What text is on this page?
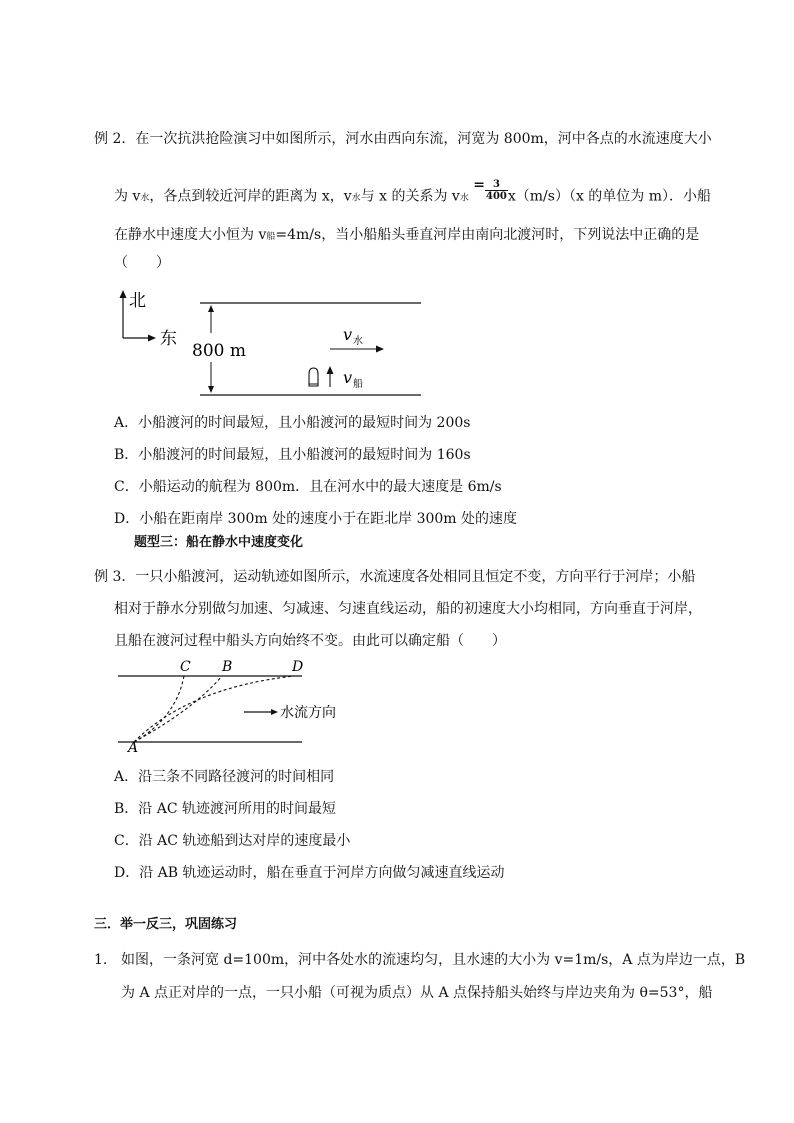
例 2．在一次抗洪抢险演习中如图所示，河水由西向东流，河宽为 800m，河中各点的水流速度大小
为 v水，各点到较近河岸的距离为 x，v水与 x 的关系为 v水 = $\frac{3}{400} x(m/s)(x$ 的单位为 m）．小船
在静水中速度大小恒为 v船=4m/s，当小船船头垂直河岸由南向北渡河时，下列说法中正确的是
（　　）
北
东
800 m
v 水
v 船
A．小船渡河的时间最短，且小船渡河的最短时间为 200s
B．小船渡河的时间最短，且小船渡河的最短时间为 160s
C．小船运动的航程为 800m．且在河水中的最大速度是 6m/s
D．小船在距南岸 300m 处的速度小于在距北岸 300m 处的速度
题型三：船在静水中速度变化
例 3．一只小船渡河，运动轨迹如图所示，水流速度各处相同且恒定不变，方向平行于河岸；小船
相对于静水分别做匀加速、匀减速、匀速直线运动，船的初速度大小均相同，方向垂直于河岸，
且船在渡河过程中船头方向始终不变。由此可以确定船（　　）
C B	D
A
水流方向
A．沿三条不同路径渡河的时间相同
B．沿 AC 轨迹渡河所用的时间最短
C．沿 AC 轨迹船到达对岸的速度最小
D．沿 AB 轨迹运动时，船在垂直于河岸方向做匀减速直线运动
三．举一反三，巩固练习
1. 如图，一条河宽 d=100m，河中各处水的流速均匀，且水速的大小为 v=1m/s，A 点为岸边一点，B
为 A 点正对岸的一点，一只小船（可视为质点）从 A 点保持船头始终与岸边夹角为 θ=53°，船
